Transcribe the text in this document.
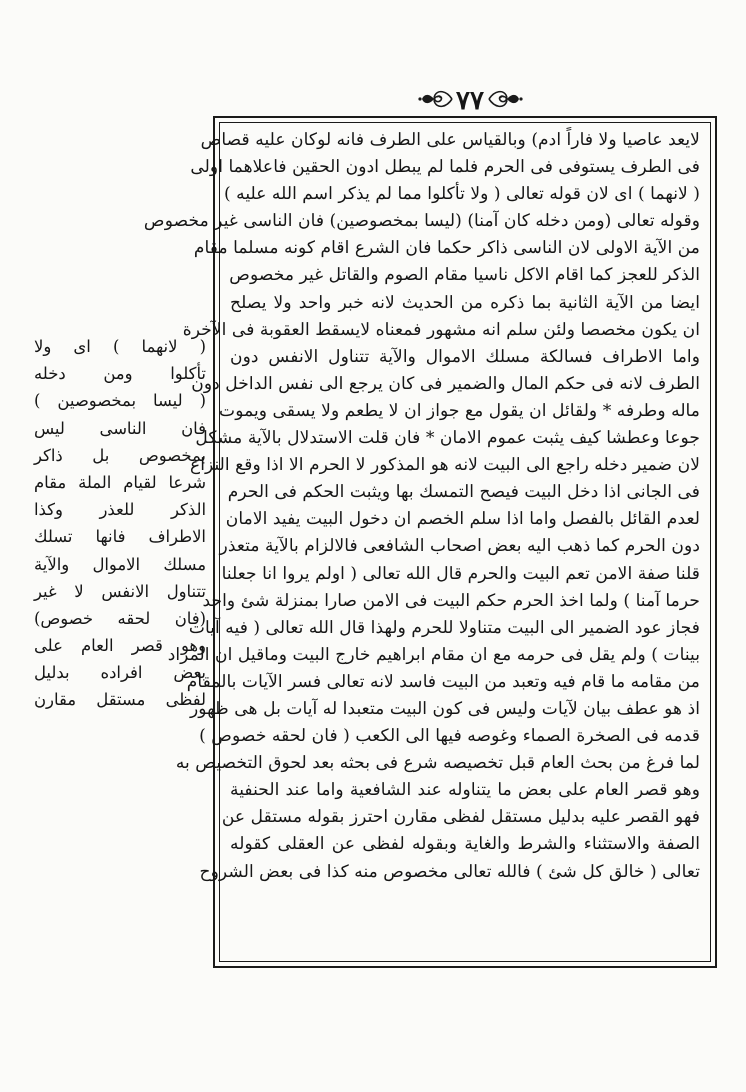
٧٧
لايعد عاصيا ولا فاراً ادم) وبالقياس على الطرف فانه لوكان عليه قصاص
فى الطرف يستوفى فى الحرم فلما لم يبطل ادون الحقين فاعلاهما اولى
( لانهما ) اى لان قوله تعالى ( ولا تأكلوا مما لم يذكر اسم الله عليه )
وقوله تعالى (ومن دخله كان آمنا) (ليسا بمخصوصين) فان الناسى غير مخصوص
من الآية الاولى لان الناسى ذاكر حكما فان الشرع اقام كونه مسلما مقام
الذكر للعجز كما اقام الاكل ناسيا مقام الصوم والقاتل غير مخصوص
ايضا من الآية الثانية بما ذكره من الحديث لانه خبر واحد ولا يصلح
ان يكون مخصصا ولئن سلم انه مشهور فمعناه لايسقط العقوبة فى الآخرة
واما الاطراف فسالكة مسلك الاموال والآية تتناول الانفس دون
الطرف لانه فى حكم المال والضمير فى كان يرجع الى نفس الداخل دون
ماله وطرفه * ولقائل ان يقول مع جواز ان لا يطعم ولا يسقى ويموت
جوعا وعطشا كيف يثبت عموم الامان * فان قلت الاستدلال بالآية مشكل
لان ضمير دخله راجع الى البيت لانه هو المذكور لا الحرم الا اذا وقع النزاع
فى الجانى اذا دخل البيت فيصح التمسك بها ويثبت الحكم فى الحرم
لعدم القائل بالفصل واما اذا سلم الخصم ان دخول البيت يفيد الامان
دون الحرم كما ذهب اليه بعض اصحاب الشافعى فالالزام بالآية متعذر
قلنا صفة الامن تعم البيت والحرم قال الله تعالى ( اولم يروا انا جعلنا
حرما آمنا ) ولما اخذ الحرم حكم البيت فى الامن صارا بمنزلة شئ واحد
فجاز عود الضمير الى البيت متناولا للحرم ولهذا قال الله تعالى ( فيه آيات
بينات ) ولم يقل فى حرمه مع ان مقام ابراهيم خارج البيت وماقيل ان المراد
من مقامه ما قام فيه وتعبد من البيت فاسد لانه تعالى فسر الآيات بالمقام
اذ هو عطف بيان لآيات وليس فى كون البيت متعبدا له آيات بل هى ظهور
قدمه فى الصخرة الصماء وغوصه فيها الى الكعب ( فان لحقه خصوص )
لما فرغ من بحث العام قبل تخصيصه شرع فى بحثه بعد لحوق التخصيص به
وهو قصر العام على بعض ما يتناوله عند الشافعية واما عند الحنفية
فهو القصر عليه بدليل مستقل لفظى مقارن احترز بقوله مستقل عن
الصفة والاستثناء والشرط والغاية وبقوله لفظى عن العقلى كقوله
تعالى ( خالق كل شئ ) فالله تعالى مخصوص منه كذا فى بعض الشروح
( لانهما ) اى ولا
تأكلوا ومن دخله
( ليسا بمخصوصين )
فان الناسى ليس
بمخصوص بل ذاكر
شرعا لقيام الملة مقام
الذكر للعذر وكذا
الاطراف فانها تسلك
مسلك الاموال والآية
تتناول الانفس لا غير
(فان لحقه خصوص)
وهو قصر العام على
بعض افراده بدليل
لفظى مستقل مقارن
